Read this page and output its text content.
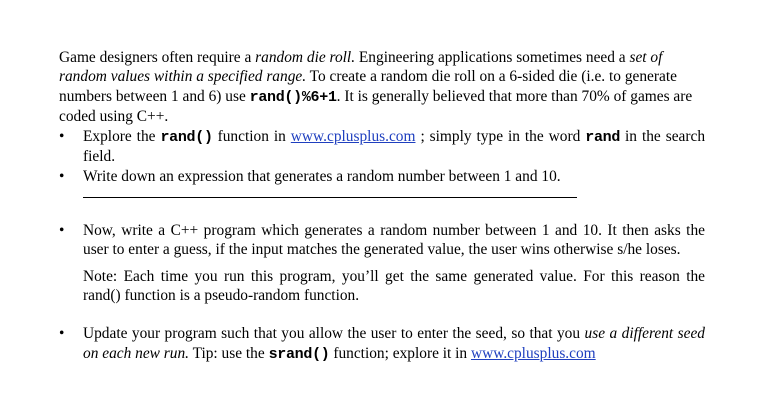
Game designers often require a random die roll. Engineering applications sometimes need a set of random values within a specified range. To create a random die roll on a 6-sided die (i.e. to generate numbers between 1 and 6) use rand()%6+1. It is generally believed that more than 70% of games are coded using C++.

• Explore the rand() function in www.cplusplus.com ; simply type in the word rand in the search field.
• Write down an expression that generates a random number between 1 and 10.
• Now, write a C++ program which generates a random number between 1 and 10. It then asks the user to enter a guess, if the input matches the generated value, the user wins otherwise s/he loses.

Note: Each time you run this program, you’ll get the same generated value. For this reason the rand() function is a pseudo-random function.

• Update your program such that you allow the user to enter the seed, so that you use a different seed on each new run. Tip: use the srand() function; explore it in www.cplusplus.com
